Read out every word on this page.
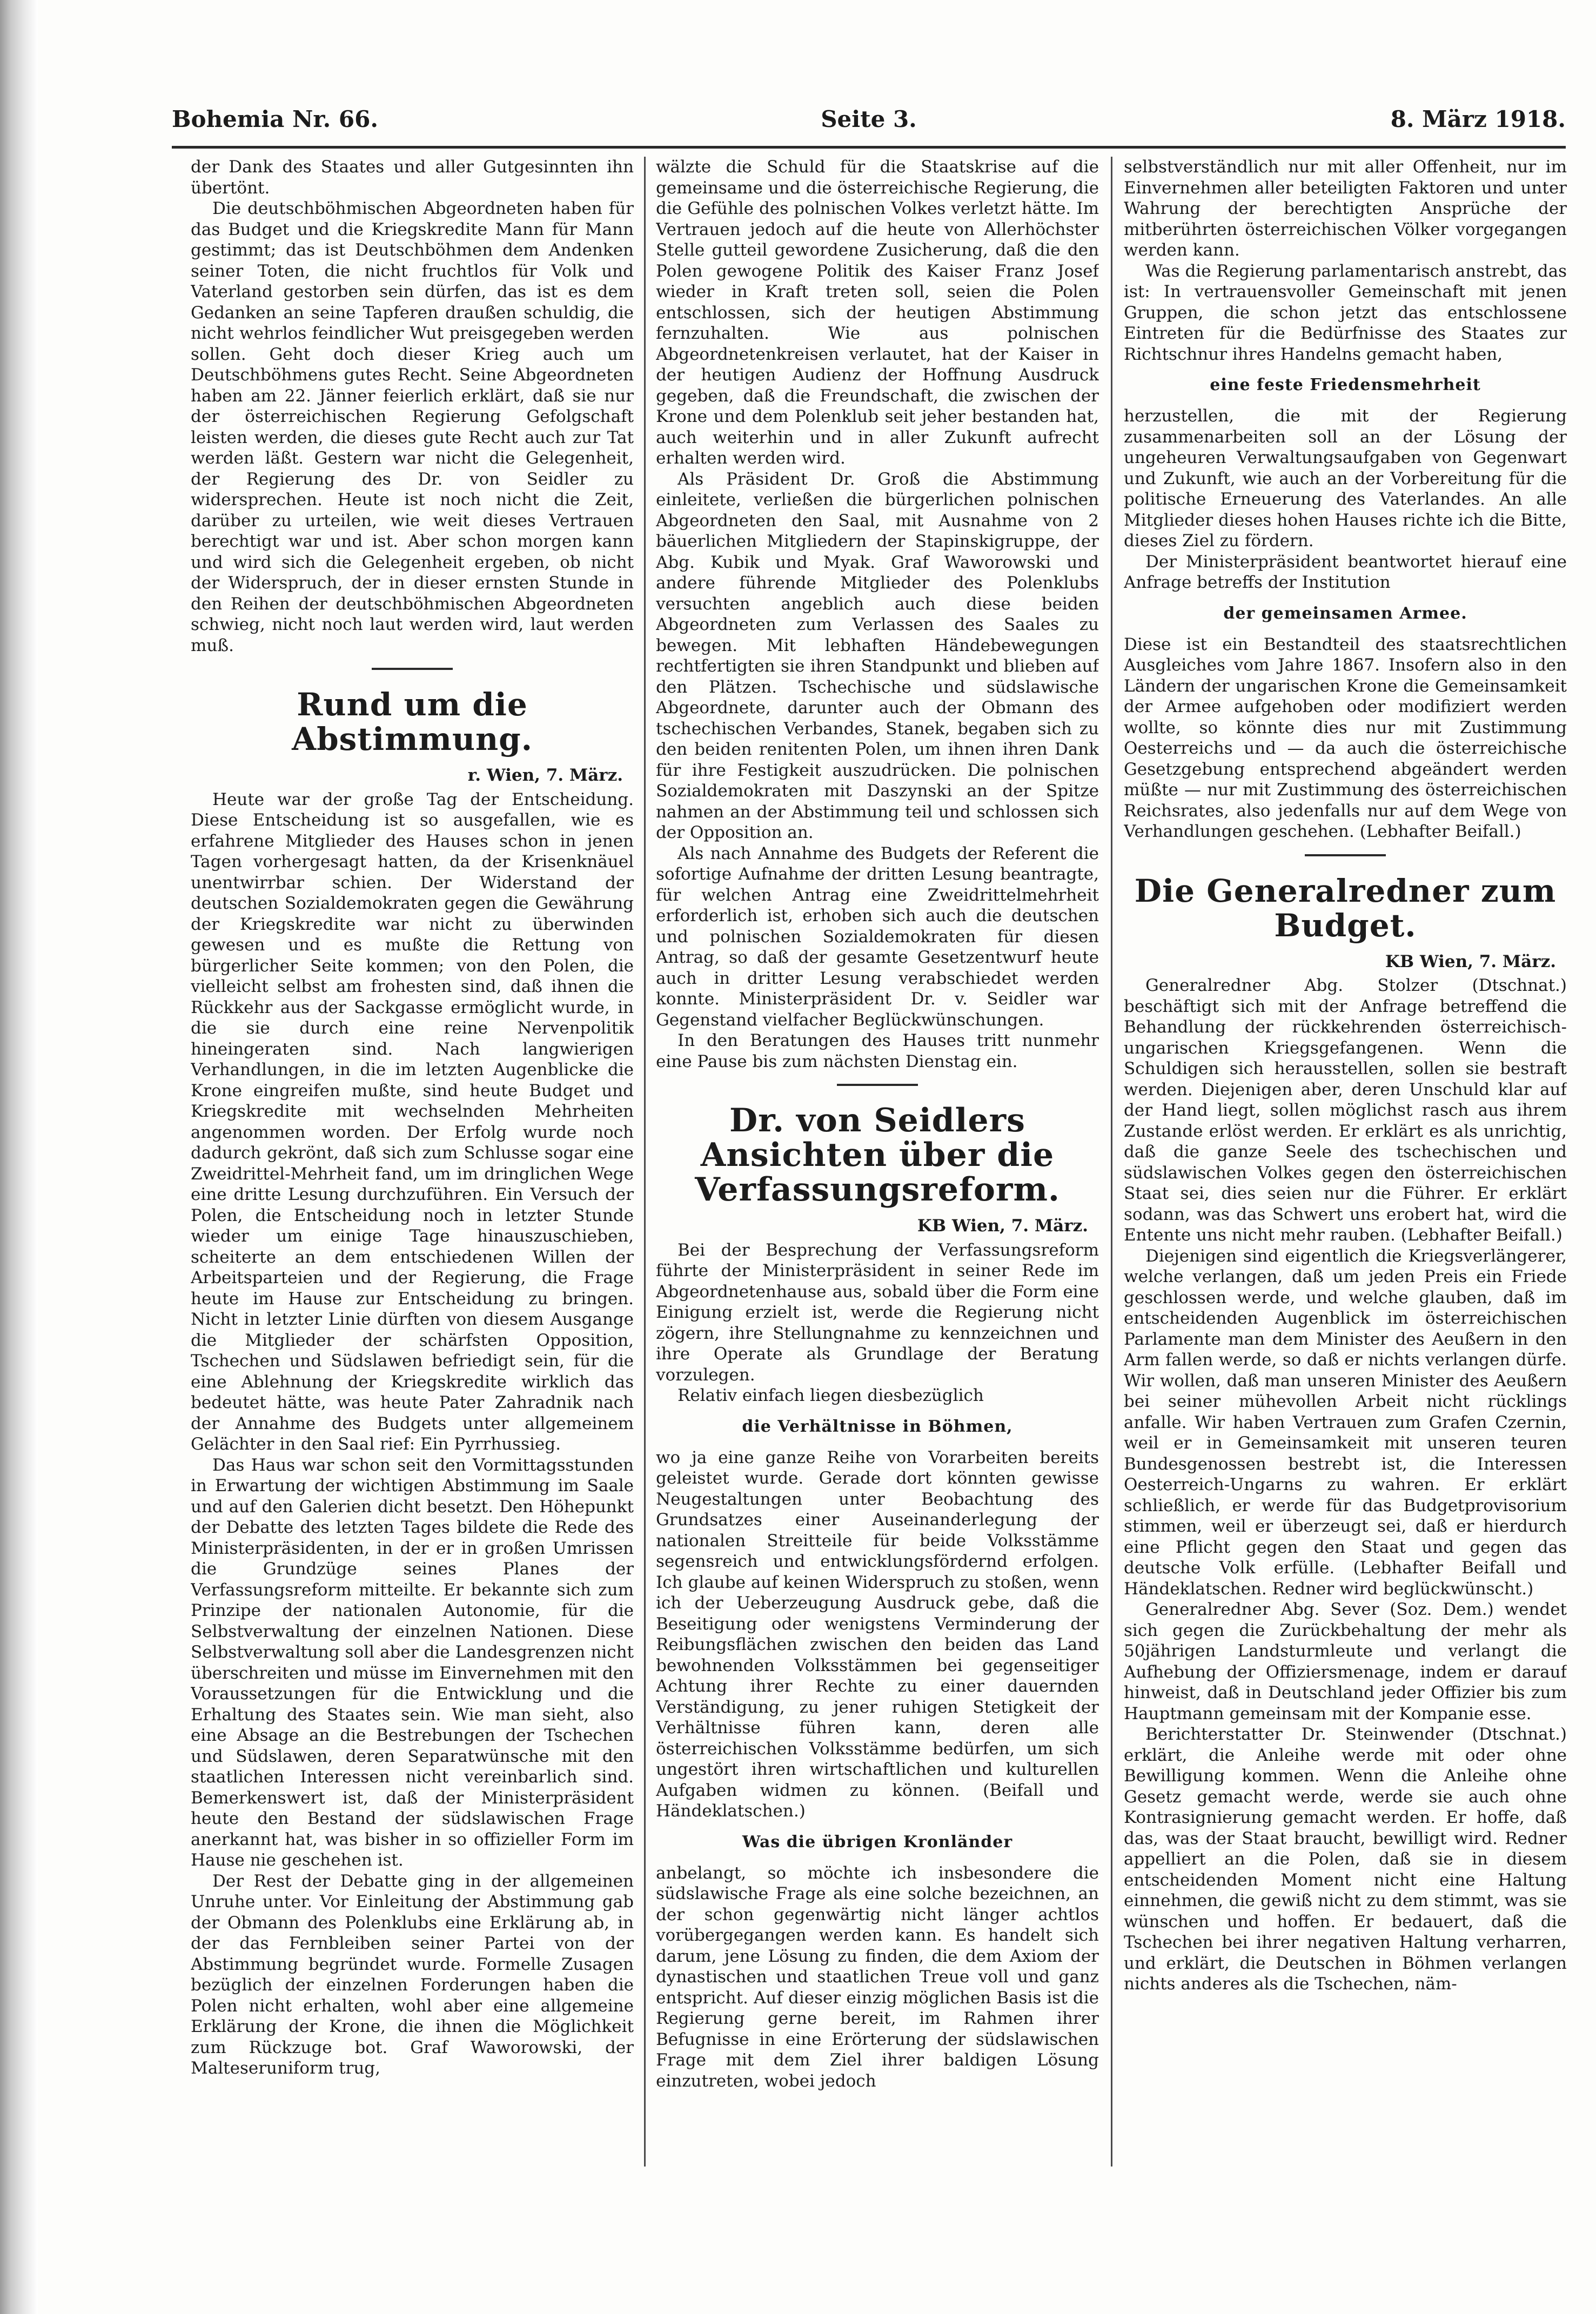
Bohemia Nr. 66.	Seite 3.	8. März 1918.

der Dank des Staates und aller Gutgesinnten ihn übertönt.

Die deutschböhmischen Abgeordneten haben für das Budget und die Kriegskredite Mann für Mann gestimmt; das ist Deutschböhmen dem Andenken seiner Toten, die nicht fruchtlos für Volk und Vaterland gestorben sein dürfen, das ist es dem Gedanken an seine Tapferen draußen schuldig, die nicht wehrlos feindlicher Wut preisgegeben werden sollen. Geht doch dieser Krieg auch um Deutschböhmens gutes Recht. Seine Abgeordneten haben am 22. Jänner feierlich erklärt, daß sie nur der österreichischen Regierung Gefolgschaft leisten werden, die dieses gute Recht auch zur Tat werden läßt. Gestern war nicht die Gelegenheit, der Regierung des Dr. von Seidler zu widersprechen. Heute ist noch nicht die Zeit, darüber zu urteilen, wie weit dieses Vertrauen berechtigt war und ist. Aber schon morgen kann und wird sich die Gelegenheit ergeben, ob nicht der Widerspruch, der in dieser ernsten Stunde in den Reihen der deutschböhmischen Abgeordneten schwieg, nicht noch laut werden wird, laut werden muß.

Rund um die Abstimmung.
r. Wien, 7. März.

Heute war der große Tag der Entscheidung. Diese Entscheidung ist so ausgefallen, wie es erfahrene Mitglieder des Hauses schon in jenen Tagen vorhergesagt hatten, da der Krisenknäuel unentwirrbar schien. Der Widerstand der deutschen Sozialdemokraten gegen die Gewährung der Kriegskredite war nicht zu überwinden gewesen und es mußte die Rettung von bürgerlicher Seite kommen; von den Polen, die vielleicht selbst am frohesten sind, daß ihnen die Rückkehr aus der Sackgasse ermöglicht wurde, in die sie durch eine reine Nervenpolitik hineingeraten sind. Nach langwierigen Verhandlungen, in die im letzten Augenblicke die Krone eingreifen mußte, sind heute Budget und Kriegskredite mit wechselnden Mehrheiten angenommen worden. Der Erfolg wurde noch dadurch gekrönt, daß sich zum Schlusse sogar eine Zweidrittel-Mehrheit fand, um im dringlichen Wege eine dritte Lesung durchzuführen. Ein Versuch der Polen, die Entscheidung noch in letzter Stunde wieder um einige Tage hinauszuschieben, scheiterte an dem entschiedenen Willen der Arbeitsparteien und der Regierung, die Frage heute im Hause zur Entscheidung zu bringen. Nicht in letzter Linie dürften von diesem Ausgange die Mitglieder der schärfsten Opposition, Tschechen und Südslawen befriedigt sein, für die eine Ablehnung der Kriegskredite wirklich das bedeutet hätte, was heute Pater Zahradnik nach der Annahme des Budgets unter allgemeinem Gelächter in den Saal rief: Ein Pyrrhussieg.

Das Haus war schon seit den Vormittagsstunden in Erwartung der wichtigen Abstimmung im Saale und auf den Galerien dicht besetzt. Den Höhepunkt der Debatte des letzten Tages bildete die Rede des Ministerpräsidenten, in der er in großen Umrissen die Grundzüge seines Planes der Verfassungsreform mitteilte. Er bekannte sich zum Prinzipe der nationalen Autonomie, für die Selbstverwaltung der einzelnen Nationen. Diese Selbstverwaltung soll aber die Landesgrenzen nicht überschreiten und müsse im Einvernehmen mit den Voraussetzungen für die Entwicklung und die Erhaltung des Staates sein. Wie man sieht, also eine Absage an die Bestrebungen der Tschechen und Südslawen, deren Separatwünsche mit den staatlichen Interessen nicht vereinbarlich sind. Bemerkenswert ist, daß der Ministerpräsident heute den Bestand der südslawischen Frage anerkannt hat, was bisher in so offizieller Form im Hause nie geschehen ist.

Der Rest der Debatte ging in der allgemeinen Unruhe unter. Vor Einleitung der Abstimmung gab der Obmann des Polenklubs eine Erklärung ab, in der das Fernbleiben seiner Partei von der Abstimmung begründet wurde. Formelle Zusagen bezüglich der einzelnen Forderungen haben die Polen nicht erhalten, wohl aber eine allgemeine Erklärung der Krone, die ihnen die Möglichkeit zum Rückzuge bot. Graf Waworowski, der Malteseruniform trug,

wälzte die Schuld für die Staatskrise auf die gemeinsame und die österreichische Regierung, die die Gefühle des polnischen Volkes verletzt hätte. Im Vertrauen jedoch auf die heute von Allerhöchster Stelle gutteil gewordene Zusicherung, daß die den Polen gewogene Politik des Kaiser Franz Josef wieder in Kraft treten soll, seien die Polen entschlossen, sich der heutigen Abstimmung fernzuhalten. Wie aus polnischen Abgeordnetenkreisen verlautet, hat der Kaiser in der heutigen Audienz der Hoffnung Ausdruck gegeben, daß die Freundschaft, die zwischen der Krone und dem Polenklub seit jeher bestanden hat, auch weiterhin und in aller Zukunft aufrecht erhalten werden wird.

Als Präsident Dr. Groß die Abstimmung einleitete, verließen die bürgerlichen polnischen Abgeordneten den Saal, mit Ausnahme von 2 bäuerlichen Mitgliedern der Stapinskigruppe, der Abg. Kubik und Myak. Graf Waworowski und andere führende Mitglieder des Polenklubs versuchten angeblich auch diese beiden Abgeordneten zum Verlassen des Saales zu bewegen. Mit lebhaften Händebewegungen rechtfertigten sie ihren Standpunkt und blieben auf den Plätzen. Tschechische und südslawische Abgeordnete, darunter auch der Obmann des tschechischen Verbandes, Stanek, begaben sich zu den beiden renitenten Polen, um ihnen ihren Dank für ihre Festigkeit auszudrücken. Die polnischen Sozialdemokraten mit Daszynski an der Spitze nahmen an der Abstimmung teil und schlossen sich der Opposition an.

Als nach Annahme des Budgets der Referent die sofortige Aufnahme der dritten Lesung beantragte, für welchen Antrag eine Zweidrittelmehrheit erforderlich ist, erhoben sich auch die deutschen und polnischen Sozialdemokraten für diesen Antrag, so daß der gesamte Gesetzentwurf heute auch in dritter Lesung verabschiedet werden konnte. Ministerpräsident Dr. v. Seidler war Gegenstand vielfacher Beglückwünschungen.

In den Beratungen des Hauses tritt nunmehr eine Pause bis zum nächsten Dienstag ein.

Dr. von Seidlers Ansichten über die Verfassungsreform.
KB Wien, 7. März.

Bei der Besprechung der Verfassungsreform führte der Ministerpräsident in seiner Rede im Abgeordnetenhause aus, sobald über die Form eine Einigung erzielt ist, werde die Regierung nicht zögern, ihre Stellungnahme zu kennzeichnen und ihre Operate als Grundlage der Beratung vorzulegen.

Relativ einfach liegen diesbezüglich

die Verhältnisse in Böhmen,

wo ja eine ganze Reihe von Vorarbeiten bereits geleistet wurde. Gerade dort könnten gewisse Neugestaltungen unter Beobachtung des Grundsatzes einer Auseinanderlegung der nationalen Streitteile für beide Volksstämme segensreich und entwicklungsfördernd erfolgen. Ich glaube auf keinen Widerspruch zu stoßen, wenn ich der Ueberzeugung Ausdruck gebe, daß die Beseitigung oder wenigstens Verminderung der Reibungsflächen zwischen den beiden das Land bewohnenden Volksstämmen bei gegenseitiger Achtung ihrer Rechte zu einer dauernden Verständigung, zu jener ruhigen Stetigkeit der Verhältnisse führen kann, deren alle österreichischen Volksstämme bedürfen, um sich ungestört ihren wirtschaftlichen und kulturellen Aufgaben widmen zu können. (Beifall und Händeklatschen.)

Was die übrigen Kronländer

anbelangt, so möchte ich insbesondere die südslawische Frage als eine solche bezeichnen, an der schon gegenwärtig nicht länger achtlos vorübergegangen werden kann. Es handelt sich darum, jene Lösung zu finden, die dem Axiom der dynastischen und staatlichen Treue voll und ganz entspricht. Auf dieser einzig möglichen Basis ist die Regierung gerne bereit, im Rahmen ihrer Befugnisse in eine Erörterung der südslawischen Frage mit dem Ziel ihrer baldigen Lösung einzutreten, wobei jedoch

selbstverständlich nur mit aller Offenheit, nur im Einvernehmen aller beteiligten Faktoren und unter Wahrung der berechtigten Ansprüche der mitberührten österreichischen Völker vorgegangen werden kann.

Was die Regierung parlamentarisch anstrebt, das ist: In vertrauensvoller Gemeinschaft mit jenen Gruppen, die schon jetzt das entschlossene Eintreten für die Bedürfnisse des Staates zur Richtschnur ihres Handelns gemacht haben,

eine feste Friedensmehrheit

herzustellen, die mit der Regierung zusammenarbeiten soll an der Lösung der ungeheuren Verwaltungsaufgaben von Gegenwart und Zukunft, wie auch an der Vorbereitung für die politische Erneuerung des Vaterlandes. An alle Mitglieder dieses hohen Hauses richte ich die Bitte, dieses Ziel zu fördern.

Der Ministerpräsident beantwortet hierauf eine Anfrage betreffs der Institution

der gemeinsamen Armee.

Diese ist ein Bestandteil des staatsrechtlichen Ausgleiches vom Jahre 1867. Insofern also in den Ländern der ungarischen Krone die Gemeinsamkeit der Armee aufgehoben oder modifiziert werden wollte, so könnte dies nur mit Zustimmung Oesterreichs und — da auch die österreichische Gesetzgebung entsprechend abgeändert werden müßte — nur mit Zustimmung des österreichischen Reichsrates, also jedenfalls nur auf dem Wege von Verhandlungen geschehen. (Lebhafter Beifall.)

Die Generalredner zum Budget.
KB Wien, 7. März.

Generalredner Abg. Stolzer (Dtschnat.) beschäftigt sich mit der Anfrage betreffend die Behandlung der rückkehrenden österreichisch-ungarischen Kriegsgefangenen. Wenn die Schuldigen sich herausstellen, sollen sie bestraft werden. Diejenigen aber, deren Unschuld klar auf der Hand liegt, sollen möglichst rasch aus ihrem Zustande erlöst werden. Er erklärt es als unrichtig, daß die ganze Seele des tschechischen und südslawischen Volkes gegen den österreichischen Staat sei, dies seien nur die Führer. Er erklärt sodann, was das Schwert uns erobert hat, wird die Entente uns nicht mehr rauben. (Lebhafter Beifall.)

Diejenigen sind eigentlich die Kriegsverlängerer, welche verlangen, daß um jeden Preis ein Friede geschlossen werde, und welche glauben, daß im entscheidenden Augenblick im österreichischen Parlamente man dem Minister des Aeußern in den Arm fallen werde, so daß er nichts verlangen dürfe. Wir wollen, daß man unseren Minister des Aeußern bei seiner mühevollen Arbeit nicht rücklings anfalle. Wir haben Vertrauen zum Grafen Czernin, weil er in Gemeinsamkeit mit unseren teuren Bundesgenossen bestrebt ist, die Interessen Oesterreich-Ungarns zu wahren. Er erklärt schließlich, er werde für das Budgetprovisorium stimmen, weil er überzeugt sei, daß er hierdurch eine Pflicht gegen den Staat und gegen das deutsche Volk erfülle. (Lebhafter Beifall und Händeklatschen. Redner wird beglückwünscht.)

Generalredner Abg. Sever (Soz. Dem.) wendet sich gegen die Zurückbehaltung der mehr als 50jährigen Landsturmleute und verlangt die Aufhebung der Offiziersmenage, indem er darauf hinweist, daß in Deutschland jeder Offizier bis zum Hauptmann gemeinsam mit der Kompanie esse.

Berichterstatter Dr. Steinwender (Dtschnat.) erklärt, die Anleihe werde mit oder ohne Bewilligung kommen. Wenn die Anleihe ohne Gesetz gemacht werde, werde sie auch ohne Kontrasignierung gemacht werden. Er hoffe, daß das, was der Staat braucht, bewilligt wird. Redner appelliert an die Polen, daß sie in diesem entscheidenden Moment nicht eine Haltung einnehmen, die gewiß nicht zu dem stimmt, was sie wünschen und hoffen. Er bedauert, daß die Tschechen bei ihrer negativen Haltung verharren, und erklärt, die Deutschen in Böhmen verlangen nichts anderes als die Tschechen, näm-
